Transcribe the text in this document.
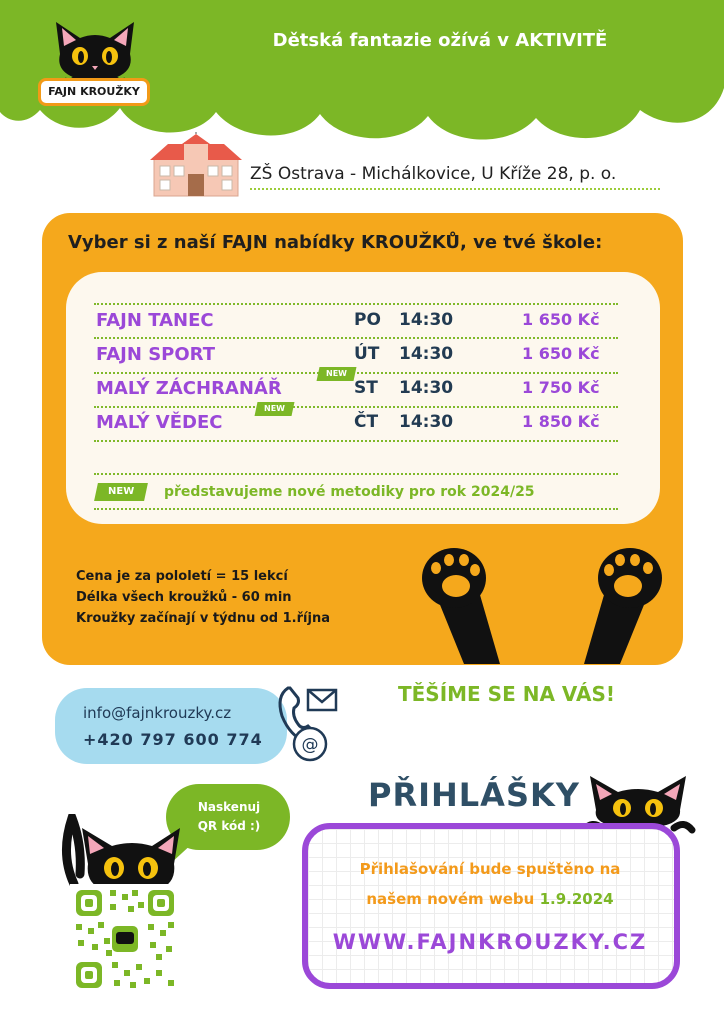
Dětská fantazie ožívá v AKTIVITĚ
FAJN KROUŽKY
ZŠ Ostrava - Michálkovice, U Kříže 28, p. o.
Vyber si z naší FAJN nabídky KROUŽKŮ, ve tvé škole:
FAJN TANEC	PO 14:30	1 650 Kč
FAJN SPORT	ÚT 14:30	1 650 Kč
MALÝ ZÁCHRANÁŘ	ST 14:30	1 750 Kč
MALÝ VĚDEC	ČT 14:30	1 850 Kč
NEW
NEW
NEW	představujeme nové metodiky pro rok 2024/25
Cena je za pololetí = 15 lekcí
Délka všech kroužků - 60 min
Kroužky začínají v týdnu od 1.října
TĚŠÍME SE NA VÁS!
info@fajnkrouzky.cz
+420 797 600 774 @
Naskenuj
QR kód :)
PŘIHLÁŠKY
Přihlašování bude spuštěno na
našem novém webu 1.9.2024
WWW.FAJNKROUZKY.CZ
